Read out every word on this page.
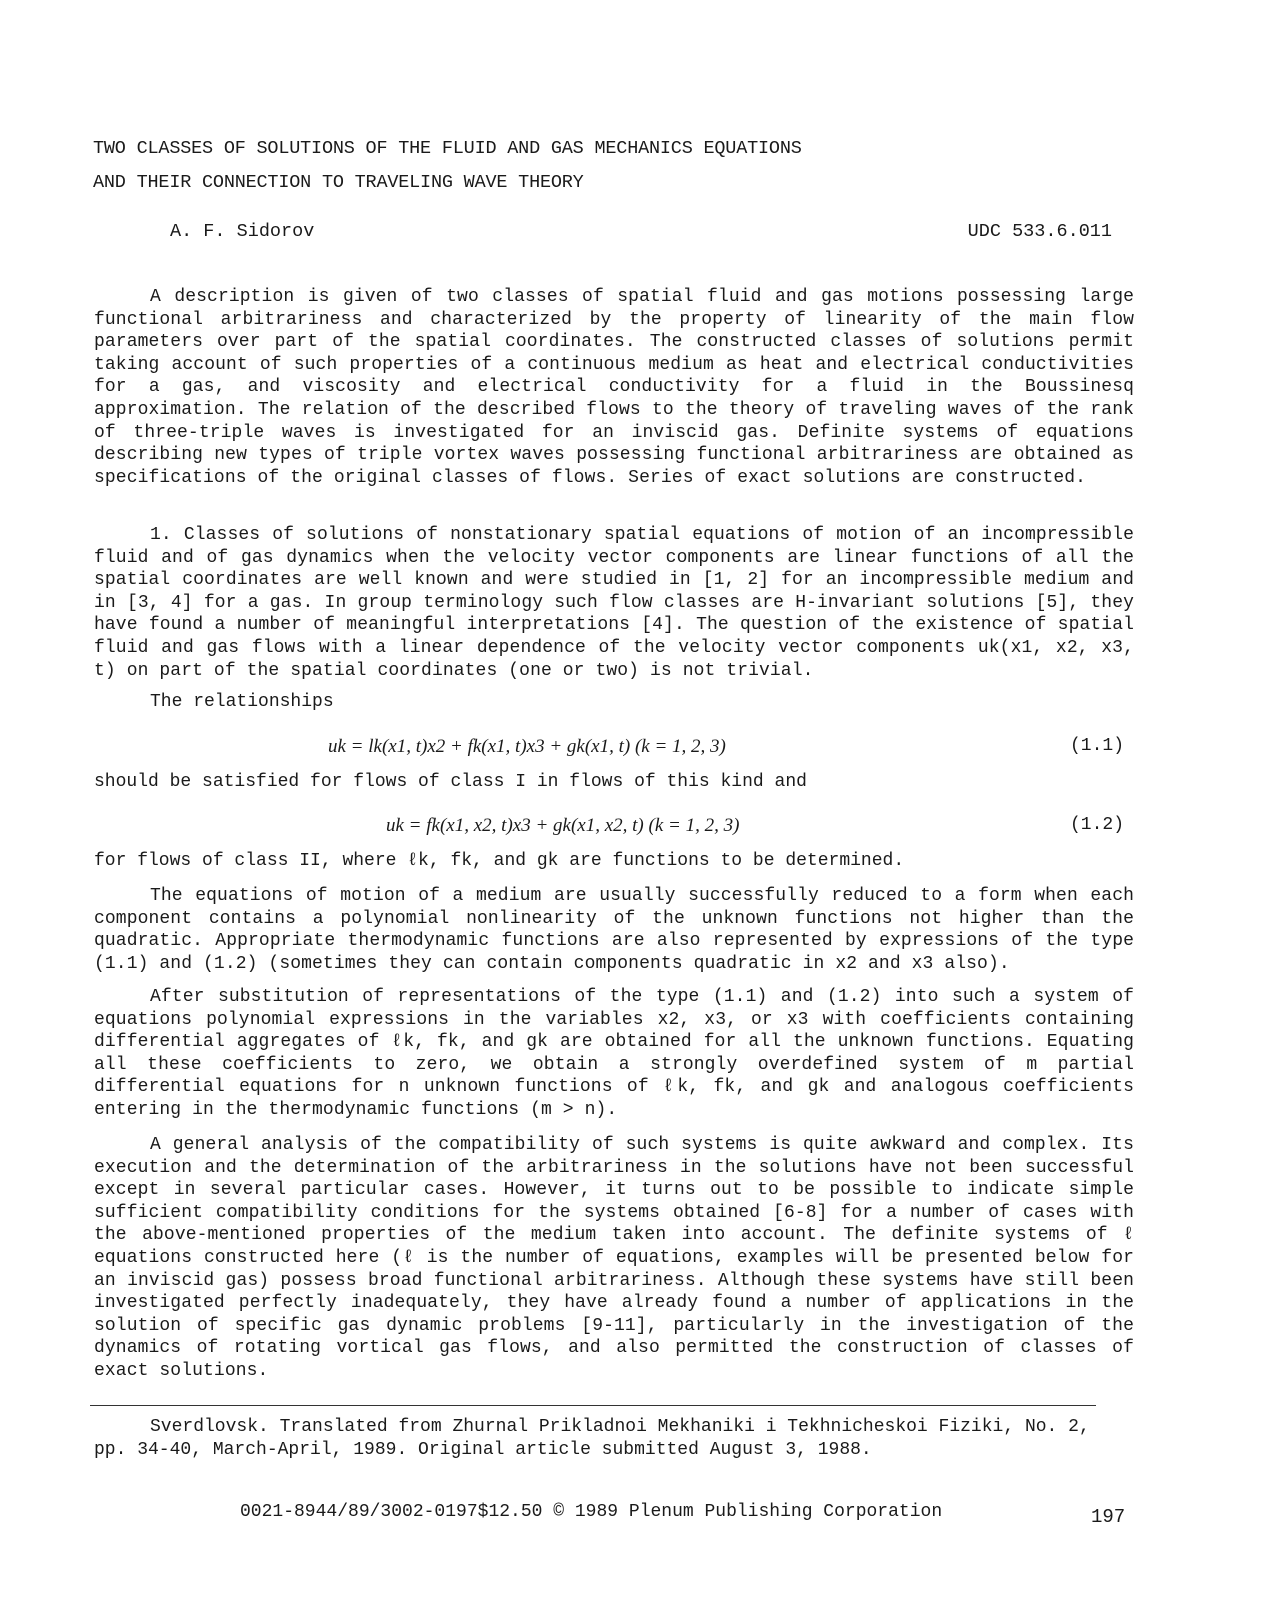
TWO CLASSES OF SOLUTIONS OF THE FLUID AND GAS MECHANICS EQUATIONS
AND THEIR CONNECTION TO TRAVELING WAVE THEORY
A. F. Sidorov	UDC 533.6.011
A description is given of two classes of spatial fluid and gas motions possessing large functional arbitrariness and characterized by the property of linearity of the main flow parameters over part of the spatial coordinates. The constructed classes of solutions permit taking account of such properties of a continuous medium as heat and electrical conductivities for a gas, and viscosity and electrical conductivity for a fluid in the Boussinesq approximation. The relation of the described flows to the theory of traveling waves of the rank of three-triple waves is investigated for an inviscid gas. Definite systems of equations describing new types of triple vortex waves possessing functional arbitrariness are obtained as specifications of the original classes of flows. Series of exact solutions are constructed.
1. Classes of solutions of nonstationary spatial equations of motion of an incompressible fluid and of gas dynamics when the velocity vector components are linear functions of all the spatial coordinates are well known and were studied in [1, 2] for an incompressible medium and in [3, 4] for a gas. In group terminology such flow classes are H-invariant solutions [5], they have found a number of meaningful interpretations [4]. The question of the existence of spatial fluid and gas flows with a linear dependence of the velocity vector components uk(x1, x2, x3, t) on part of the spatial coordinates (one or two) is not trivial.
The relationships
uk = lk(x1, t)x2 + fk(x1, t)x3 + gk(x1, t) (k = 1, 2, 3)	(1.1)
should be satisfied for flows of class I in flows of this kind and
uk = fk(x1, x2, t)x3 + gk(x1, x2, t) (k = 1, 2, 3)	(1.2)
for flows of class II, where ℓk, fk, and gk are functions to be determined.
The equations of motion of a medium are usually successfully reduced to a form when each component contains a polynomial nonlinearity of the unknown functions not higher than the quadratic. Appropriate thermodynamic functions are also represented by expressions of the type (1.1) and (1.2) (sometimes they can contain components quadratic in x2 and x3 also).
After substitution of representations of the type (1.1) and (1.2) into such a system of equations polynomial expressions in the variables x2, x3, or x3 with coefficients containing differential aggregates of ℓk, fk, and gk are obtained for all the unknown functions. Equating all these coefficients to zero, we obtain a strongly overdefined system of m partial differential equations for n unknown functions of ℓk, fk, and gk and analogous coefficients entering in the thermodynamic functions (m > n).
A general analysis of the compatibility of such systems is quite awkward and complex. Its execution and the determination of the arbitrariness in the solutions have not been successful except in several particular cases. However, it turns out to be possible to indicate simple sufficient compatibility conditions for the systems obtained [6-8] for a number of cases with the above-mentioned properties of the medium taken into account. The definite systems of ℓ equations constructed here (ℓ is the number of equations, examples will be presented below for an inviscid gas) possess broad functional arbitrariness. Although these systems have still been investigated perfectly inadequately, they have already found a number of applications in the solution of specific gas dynamic problems [9-11], particularly in the investigation of the dynamics of rotating vortical gas flows, and also permitted the construction of classes of exact solutions.
Sverdlovsk. Translated from Zhurnal Prikladnoi Mekhaniki i Tekhnicheskoi Fiziki, No. 2, pp. 34-40, March-April, 1989. Original article submitted August 3, 1988.
0021-8944/89/3002-0197$12.50 © 1989 Plenum Publishing Corporation	197
